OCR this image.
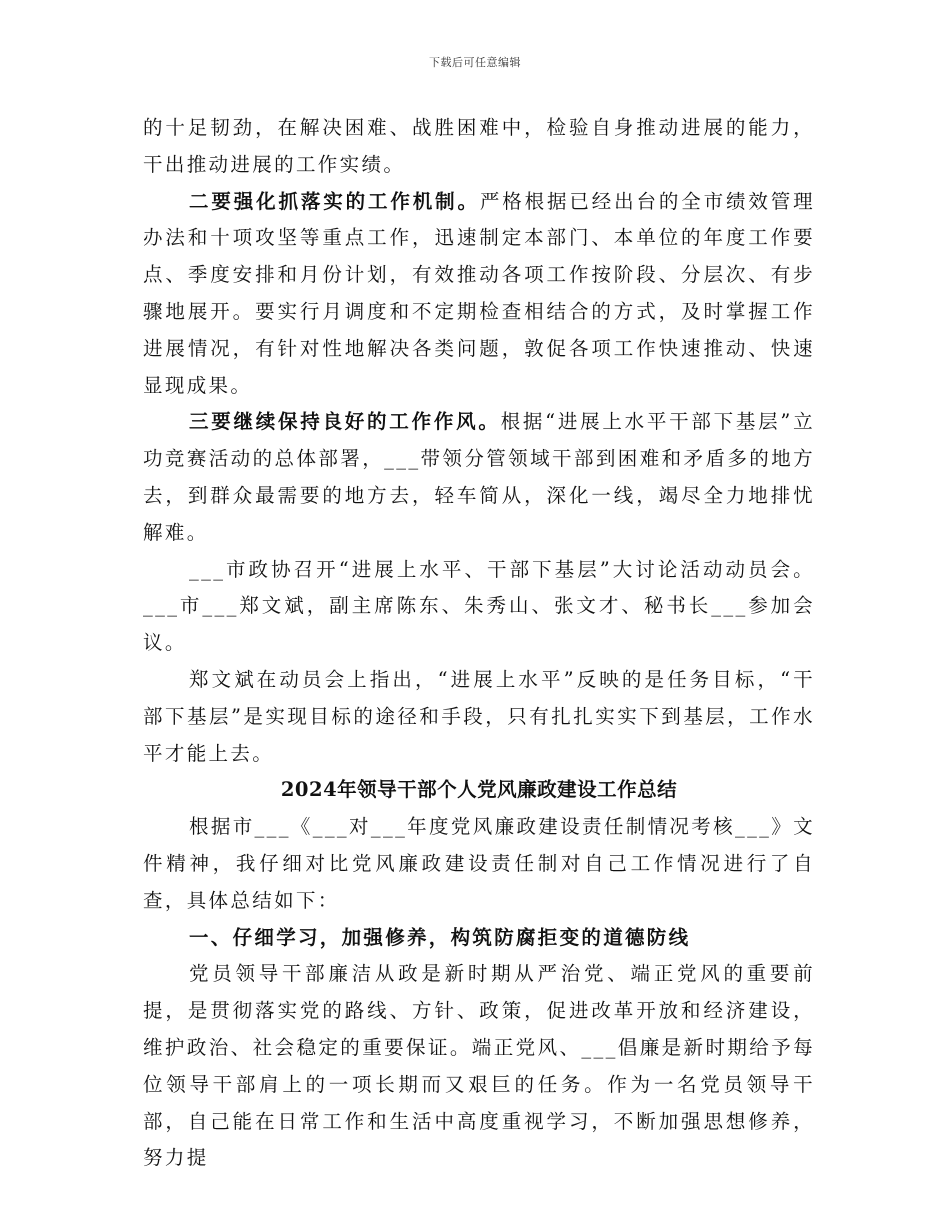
下载后可任意编辑

的十足韧劲，在解决困难、战胜困难中，检验自身推动进展的能力，干出推动进展的工作实绩。

二要强化抓落实的工作机制。严格根据已经出台的全市绩效管理办法和十项攻坚等重点工作，迅速制定本部门、本单位的年度工作要点、季度安排和月份计划，有效推动各项工作按阶段、分层次、有步骤地展开。要实行月调度和不定期检查相结合的方式，及时掌握工作进展情况，有针对性地解决各类问题，敦促各项工作快速推动、快速显现成果。

三要继续保持良好的工作作风。根据“进展上水平干部下基层”立功竞赛活动的总体部署，___带领分管领域干部到困难和矛盾多的地方去，到群众最需要的地方去，轻车简从，深化一线，竭尽全力地排忧解难。

___市政协召开“进展上水平、干部下基层”大讨论活动动员会。___市___郑文斌，副主席陈东、朱秀山、张文才、秘书长___参加会议。

郑文斌在动员会上指出，“进展上水平”反映的是任务目标，“干部下基层”是实现目标的途径和手段，只有扎扎实实下到基层，工作水平才能上去。

2024年领导干部个人党风廉政建设工作总结

根据市___《___对___年度党风廉政建设责任制情况考核___》文件精神，我仔细对比党风廉政建设责任制对自己工作情况进行了自查，具体总结如下：

一、仔细学习，加强修养，构筑防腐拒变的道德防线

党员领导干部廉洁从政是新时期从严治党、端正党风的重要前提，是贯彻落实党的路线、方针、政策，促进改革开放和经济建设，维护政治、社会稳定的重要保证。端正党风、___倡廉是新时期给予每位领导干部肩上的一项长期而又艰巨的任务。作为一名党员领导干部，自己能在日常工作和生活中高度重视学习，不断加强思想修养，努力提
